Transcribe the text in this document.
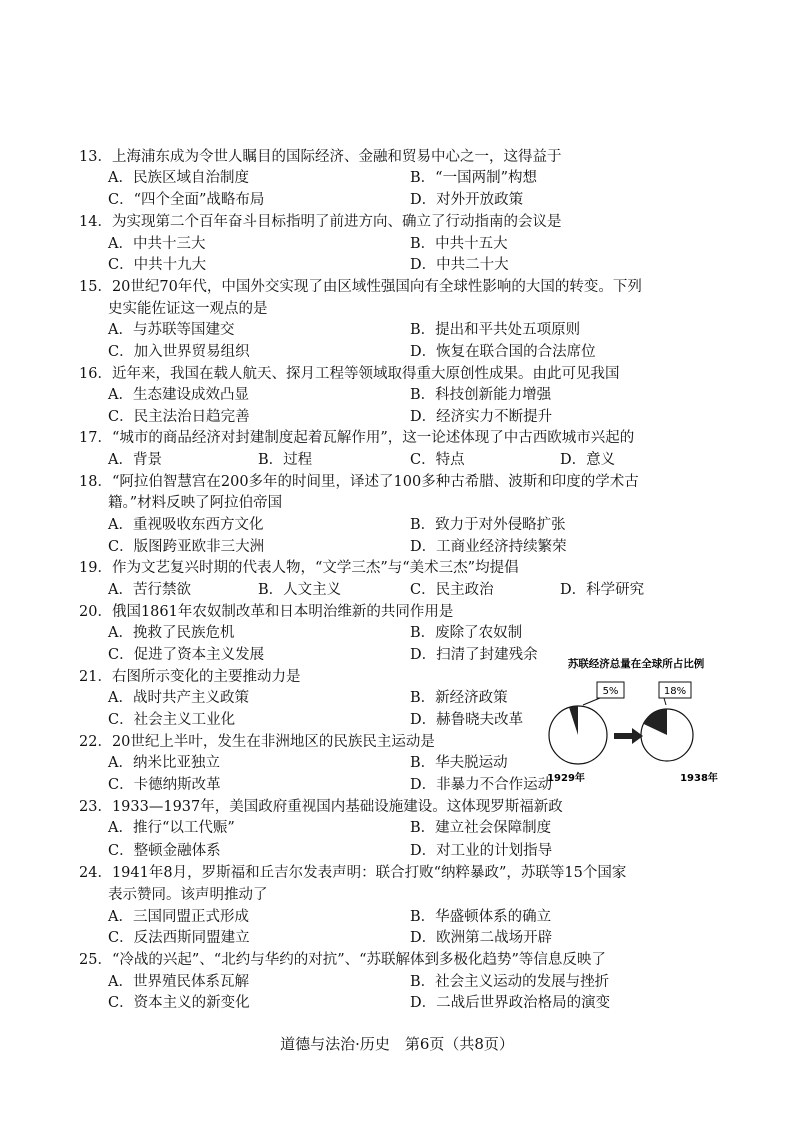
13．上海浦东成为令世人瞩目的国际经济、金融和贸易中心之一，这得益于
A．民族区域自治制度	B．“一国两制”构想
C．“四个全面”战略布局	D．对外开放政策
14．为实现第二个百年奋斗目标指明了前进方向、确立了行动指南的会议是
A．中共十三大	B．中共十五大
C．中共十九大	D．中共二十大
15．20世纪70年代，中国外交实现了由区域性强国向有全球性影响的大国的转变。下列
史实能佐证这一观点的是
A．与苏联等国建交	B．提出和平共处五项原则
C．加入世界贸易组织	D．恢复在联合国的合法席位
16．近年来，我国在载人航天、探月工程等领域取得重大原创性成果。由此可见我国
A．生态建设成效凸显	B．科技创新能力增强
C．民主法治日趋完善	D．经济实力不断提升
17．“城市的商品经济对封建制度起着瓦解作用”，这一论述体现了中古西欧城市兴起的
A．背景	B．过程	C．特点	D．意义
18．“阿拉伯智慧宫在200多年的时间里，译述了100多种古希腊、波斯和印度的学术古
籍。”材料反映了阿拉伯帝国
A．重视吸收东西方文化	B．致力于对外侵略扩张
C．版图跨亚欧非三大洲	D．工商业经济持续繁荣
19．作为文艺复兴时期的代表人物，“文学三杰”与“美术三杰”均提倡
A．苦行禁欲	B．人文主义	C．民主政治	D．科学研究
20．俄国1861年农奴制改革和日本明治维新的共同作用是
A．挽救了民族危机	B．废除了农奴制
C．促进了资本主义发展	D．扫清了封建残余
21．右图所示变化的主要推动力是
A．战时共产主义政策	B．新经济政策
C．社会主义工业化	D．赫鲁晓夫改革
22．20世纪上半叶，发生在非洲地区的民族民主运动是
A．纳米比亚独立	B．华夫脱运动
C．卡德纳斯改革	D．非暴力不合作运动
23．1933—1937年，美国政府重视国内基础设施建设。这体现罗斯福新政
A．推行“以工代赈”	B．建立社会保障制度
C．整顿金融体系	D．对工业的计划指导
24．1941年8月，罗斯福和丘吉尔发表声明：联合打败“纳粹暴政”，苏联等15个国家
表示赞同。该声明推动了
A．三国同盟正式形成	B．华盛顿体系的确立
C．反法西斯同盟建立	D．欧洲第二战场开辟
25．“冷战的兴起”、“北约与华约的对抗”、“苏联解体到多极化趋势”等信息反映了
A．世界殖民体系瓦解	B．社会主义运动的发展与挫折
C．资本主义的新变化	D．二战后世界政治格局的演变
苏联经济总量在全球所占比例
5%	18%
1929年	1938年
道德与法治·历史　第6页（共8页）
